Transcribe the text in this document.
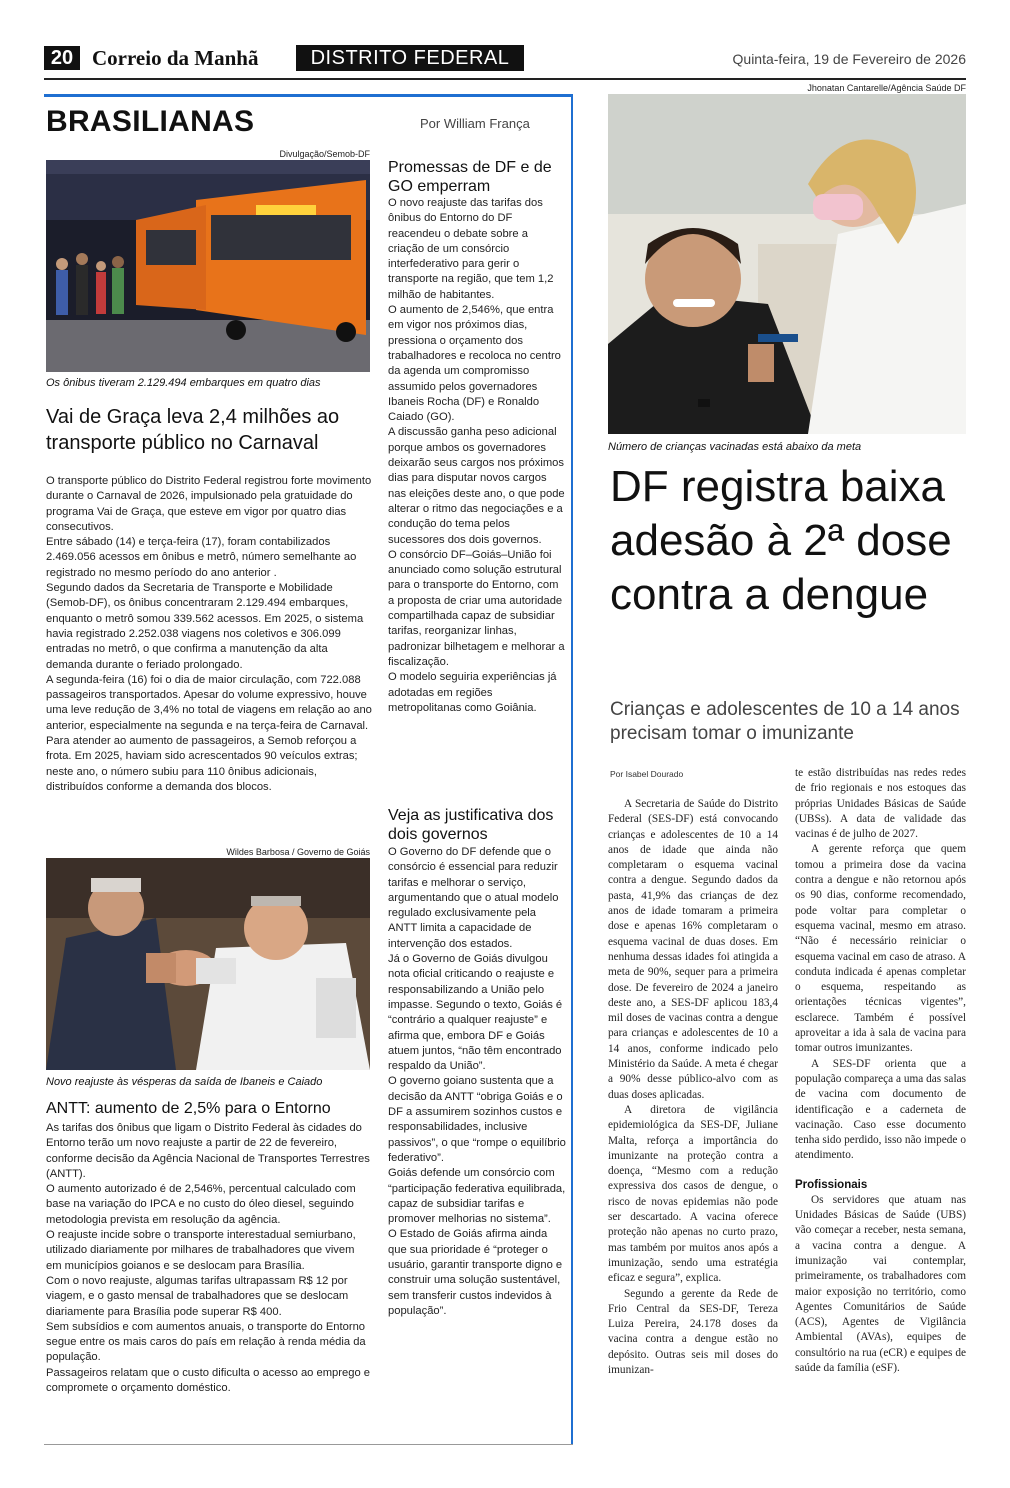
20 Correio da Manhã	DISTRITO FEDERAL	Quinta-feira, 19 de Fevereiro de 2026
BRASILIANAS	Por William França
Divulgação/Semob-DF
Os ônibus tiveram 2.129.494 embarques em quatro dias
Vai de Graça leva 2,4 milhões ao transporte público no Carnaval
O transporte público do Distrito Federal registrou forte movimento durante o Carnaval de 2026, impulsionado pela gratuidade do programa Vai de Graça, que esteve em vigor por quatro dias consecutivos.
Entre sábado (14) e terça-feira (17), foram contabilizados 2.469.056 acessos em ônibus e metrô, número semelhante ao registrado no mesmo período do ano anterior .
Segundo dados da Secretaria de Transporte e Mobilidade (Semob-DF), os ônibus concentraram 2.129.494 embarques, enquanto o metrô somou 339.562 acessos. Em 2025, o sistema havia registrado 2.252.038 viagens nos coletivos e 306.099 entradas no metrô, o que confirma a manutenção da alta demanda durante o feriado prolongado.
A segunda-feira (16) foi o dia de maior circulação, com 722.088 passageiros transportados. Apesar do volume expressivo, houve uma leve redução de 3,4% no total de viagens em relação ao ano anterior, especialmente na segunda e na terça-feira de Carnaval.
Para atender ao aumento de passageiros, a Semob reforçou a frota. Em 2025, haviam sido acrescentados 90 veículos extras; neste ano, o número subiu para 110 ônibus adicionais, distribuídos conforme a demanda dos blocos.
Wildes Barbosa / Governo de Goiás
Novo reajuste às vésperas da saída de Ibaneis e Caiado
ANTT: aumento de 2,5% para o Entorno
As tarifas dos ônibus que ligam o Distrito Federal às cidades do Entorno terão um novo reajuste a partir de 22 de fevereiro, conforme decisão da Agência Nacional de Transportes Terrestres (ANTT).
O aumento autorizado é de 2,546%, percentual calculado com base na variação do IPCA e no custo do óleo diesel, seguindo metodologia prevista em resolução da agência.
O reajuste incide sobre o transporte interestadual semiurbano, utilizado diariamente por milhares de trabalhadores que vivem em municípios goianos e se deslocam para Brasília.
Com o novo reajuste, algumas tarifas ultrapassam R$ 12 por viagem, e o gasto mensal de trabalhadores que se deslocam diariamente para Brasília pode superar R$ 400.
Sem subsídios e com aumentos anuais, o transporte do Entorno segue entre os mais caros do país em relação à renda média da população.
Passageiros relatam que o custo dificulta o acesso ao emprego e compromete o orçamento doméstico.
Promessas de DF e de GO emperram
O novo reajuste das tarifas dos ônibus do Entorno do DF reacendeu o debate sobre a criação de um consórcio interfederativo para gerir o transporte na região, que tem 1,2 milhão de habitantes.
O aumento de 2,546%, que entra em vigor nos próximos dias, pressiona o orçamento dos trabalhadores e recoloca no centro da agenda um compromisso assumido pelos governadores Ibaneis Rocha (DF) e Ronaldo Caiado (GO).
A discussão ganha peso adicional porque ambos os governadores deixarão seus cargos nos próximos dias para disputar novos cargos nas eleições deste ano, o que pode alterar o ritmo das negociações e a condução do tema pelos sucessores dos dois governos.
O consórcio DF–Goiás–União foi anunciado como solução estrutural para o transporte do Entorno, com a proposta de criar uma autoridade compartilhada capaz de subsidiar tarifas, reorganizar linhas, padronizar bilhetagem e melhorar a fiscalização.
O modelo seguiria experiências já adotadas em regiões metropolitanas como Goiânia.
Veja as justificativa dos dois governos
O Governo do DF defende que o consórcio é essencial para reduzir tarifas e melhorar o serviço, argumentando que o atual modelo regulado exclusivamente pela ANTT limita a capacidade de intervenção dos estados.
Já o Governo de Goiás divulgou nota oficial criticando o reajuste e responsabilizando a União pelo impasse. Segundo o texto, Goiás é “contrário a qualquer reajuste” e afirma que, embora DF e Goiás atuem juntos, “não têm encontrado respaldo da União”.
O governo goiano sustenta que a decisão da ANTT “obriga Goiás e o DF a assumirem sozinhos custos e responsabilidades, inclusive passivos”, o que “rompe o equilíbrio federativo”.
Goiás defende um consórcio com “participação federativa equilibrada, capaz de subsidiar tarifas e promover melhorias no sistema”.
O Estado de Goiás afirma ainda que sua prioridade é “proteger o usuário, garantir transporte digno e construir uma solução sustentável, sem transferir custos indevidos à população”.
Jhonatan Cantarelle/Agência Saúde DF
Número de crianças vacinadas está abaixo da meta
DF registra baixa adesão à 2ª dose contra a dengue
Crianças e adolescentes de 10 a 14 anos precisam tomar o imunizante
Por Isabel Dourado

A Secretaria de Saúde do Distrito Federal (SES-DF) está convocando crianças e adolescentes de 10 a 14 anos de idade que ainda não completaram o esquema vacinal contra a dengue. Segundo dados da pasta, 41,9% das crianças de dez anos de idade tomaram a primeira dose e apenas 16% completaram o esquema vacinal de duas doses. Em nenhuma dessas idades foi atingida a meta de 90%, sequer para a primeira dose. De fevereiro de 2024 a janeiro deste ano, a SES-DF aplicou 183,4 mil doses de vacinas contra a dengue para crianças e adolescentes de 10 a 14 anos, conforme indicado pelo Ministério da Saúde. A meta é chegar a 90% desse público-alvo com as duas doses aplicadas.

A diretora de vigilância epidemiológica da SES-DF, Juliane Malta, reforça a importância do imunizante na proteção contra a doença, “Mesmo com a redução expressiva dos casos de dengue, o risco de novas epidemias não pode ser descartado. A vacina oferece proteção não apenas no curto prazo, mas também por muitos anos após a imunização, sendo uma estratégia eficaz e segura”, explica.

Segundo a gerente da Rede de Frio Central da SES-DF, Tereza Luiza Pereira, 24.178 doses da vacina contra a dengue estão no depósito. Outras seis mil doses do imunizan-

te estão distribuídas nas redes redes de frio regionais e nos estoques das próprias Unidades Básicas de Saúde (UBSs). A data de validade das vacinas é de julho de 2027.

A gerente reforça que quem tomou a primeira dose da vacina contra a dengue e não retornou após os 90 dias, conforme recomendado, pode voltar para completar o esquema vacinal, mesmo em atraso. “Não é necessário reiniciar o esquema vacinal em caso de atraso. A conduta indicada é apenas completar o esquema, respeitando as orientações técnicas vigentes”, esclarece. Também é possível aproveitar a ida à sala de vacina para tomar outros imunizantes.

A SES-DF orienta que a população compareça a uma das salas de vacina com documento de identificação e a caderneta de vacinação. Caso esse documento tenha sido perdido, isso não impede o atendimento.

Profissionais

Os servidores que atuam nas Unidades Básicas de Saúde (UBS) vão começar a receber, nesta semana, a vacina contra a dengue. A imunização vai contemplar, primeiramente, os trabalhadores com maior exposição no território, como Agentes Comunitários de Saúde (ACS), Agentes de Vigilância Ambiental (AVAs), equipes de consultório na rua (eCR) e equipes de saúde da família (eSF).
